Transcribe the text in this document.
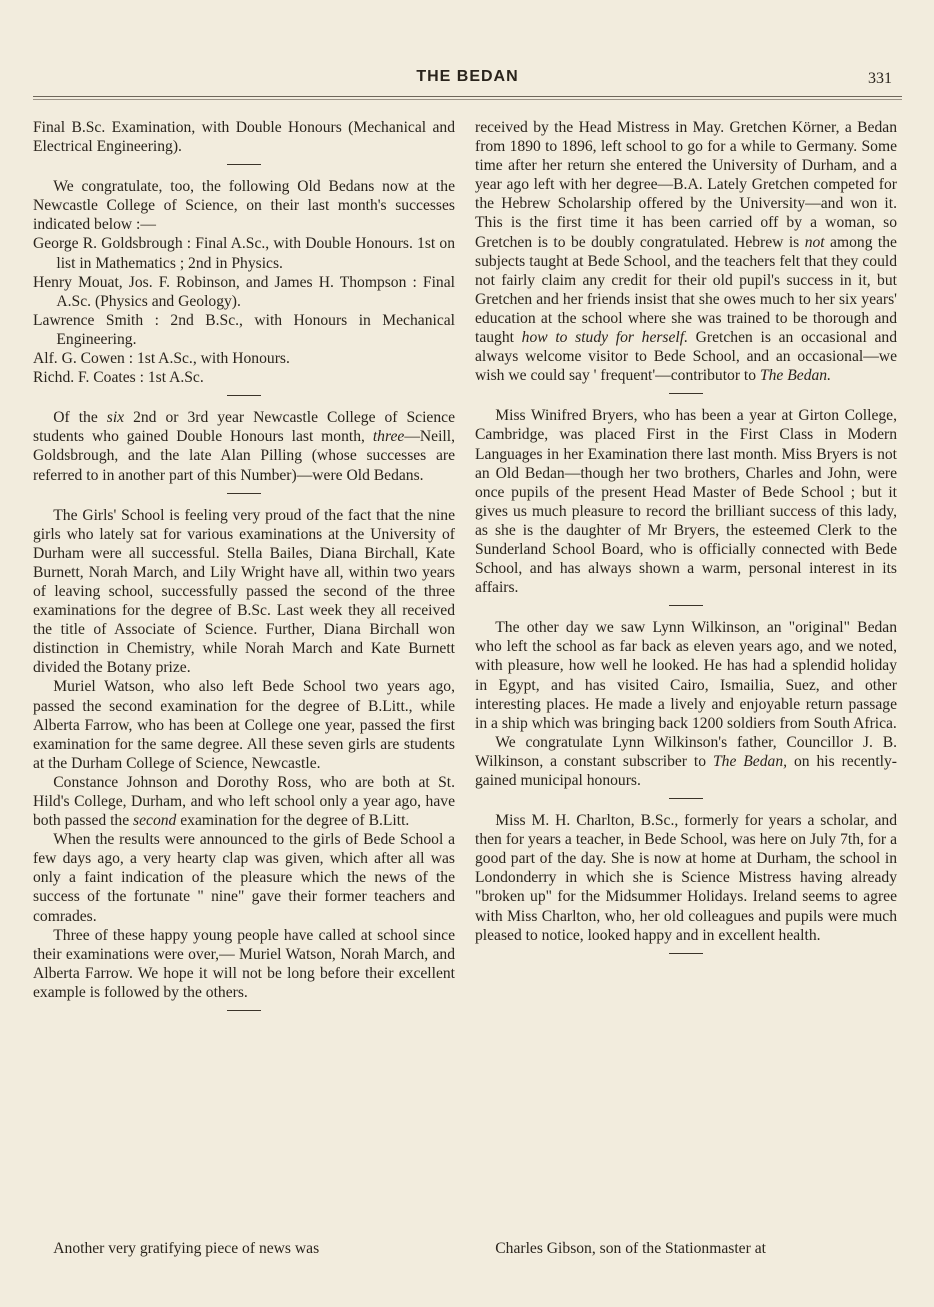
THE BEDAN	331

Final B.Sc. Examination, with Double Honours (Mechanical and Electrical Engineering).

We congratulate, too, the following Old Bedans now at the Newcastle College of Science, on their last month's successes indicated below :—

George R. Goldsbrough : Final A.Sc., with Double Honours. 1st on list in Mathematics ; 2nd in Physics.

Henry Mouat, Jos. F. Robinson, and James H. Thompson : Final A.Sc. (Physics and Geology).

Lawrence Smith : 2nd B.Sc., with Honours in Mechanical Engineering.

Alf. G. Cowen : 1st A.Sc., with Honours.

Richd. F. Coates : 1st A.Sc.

Of the six 2nd or 3rd year Newcastle College of Science students who gained Double Honours last month, three—Neill, Goldsbrough, and the late Alan Pilling (whose successes are referred to in another part of this Number)—were Old Bedans.

The Girls' School is feeling very proud of the fact that the nine girls who lately sat for various examinations at the University of Durham were all successful. Stella Bailes, Diana Birchall, Kate Burnett, Norah March, and Lily Wright have all, within two years of leaving school, successfully passed the second of the three examinations for the degree of B.Sc. Last week they all received the title of Associate of Science. Further, Diana Birchall won distinction in Chemistry, while Norah March and Kate Burnett divided the Botany prize.

Muriel Watson, who also left Bede School two years ago, passed the second examination for the degree of B.Litt., while Alberta Farrow, who has been at College one year, passed the first examination for the same degree. All these seven girls are students at the Durham College of Science, Newcastle.

Constance Johnson and Dorothy Ross, who are both at St. Hild's College, Durham, and who left school only a year ago, have both passed the second examination for the degree of B.Litt.

When the results were announced to the girls of Bede School a few days ago, a very hearty clap was given, which after all was only a faint indication of the pleasure which the news of the success of the fortunate " nine" gave their former teachers and comrades.

Three of these happy young people have called at school since their examinations were over,— Muriel Watson, Norah March, and Alberta Farrow. We hope it will not be long before their excellent example is followed by the others.

Another very gratifying piece of news was

received by the Head Mistress in May. Gretchen Körner, a Bedan from 1890 to 1896, left school to go for a while to Germany. Some time after her return she entered the University of Durham, and a year ago left with her degree—B.A. Lately Gretchen competed for the Hebrew Scholarship offered by the University—and won it. This is the first time it has been carried off by a woman, so Gretchen is to be doubly congratulated. Hebrew is not among the subjects taught at Bede School, and the teachers felt that they could not fairly claim any credit for their old pupil's success in it, but Gretchen and her friends insist that she owes much to her six years' education at the school where she was trained to be thorough and taught how to study for herself. Gretchen is an occasional and always welcome visitor to Bede School, and an occasional—we wish we could say ' frequent'—contributor to The Bedan.

Miss Winifred Bryers, who has been a year at Girton College, Cambridge, was placed First in the First Class in Modern Languages in her Examination there last month. Miss Bryers is not an Old Bedan—though her two brothers, Charles and John, were once pupils of the present Head Master of Bede School ; but it gives us much pleasure to record the brilliant success of this lady, as she is the daughter of Mr Bryers, the esteemed Clerk to the Sunderland School Board, who is officially connected with Bede School, and has always shown a warm, personal interest in its affairs.

The other day we saw Lynn Wilkinson, an "original" Bedan who left the school as far back as eleven years ago, and we noted, with pleasure, how well he looked. He has had a splendid holiday in Egypt, and has visited Cairo, Ismailia, Suez, and other interesting places. He made a lively and enjoyable return passage in a ship which was bringing back 1200 soldiers from South Africa.

We congratulate Lynn Wilkinson's father, Councillor J. B. Wilkinson, a constant subscriber to The Bedan, on his recently-gained municipal honours.

Miss M. H. Charlton, B.Sc., formerly for years a scholar, and then for years a teacher, in Bede School, was here on July 7th, for a good part of the day. She is now at home at Durham, the school in Londonderry in which she is Science Mistress having already "broken up" for the Midsummer Holidays. Ireland seems to agree with Miss Charlton, who, her old colleagues and pupils were much pleased to notice, looked happy and in excellent health.

Charles Gibson, son of the Stationmaster at
